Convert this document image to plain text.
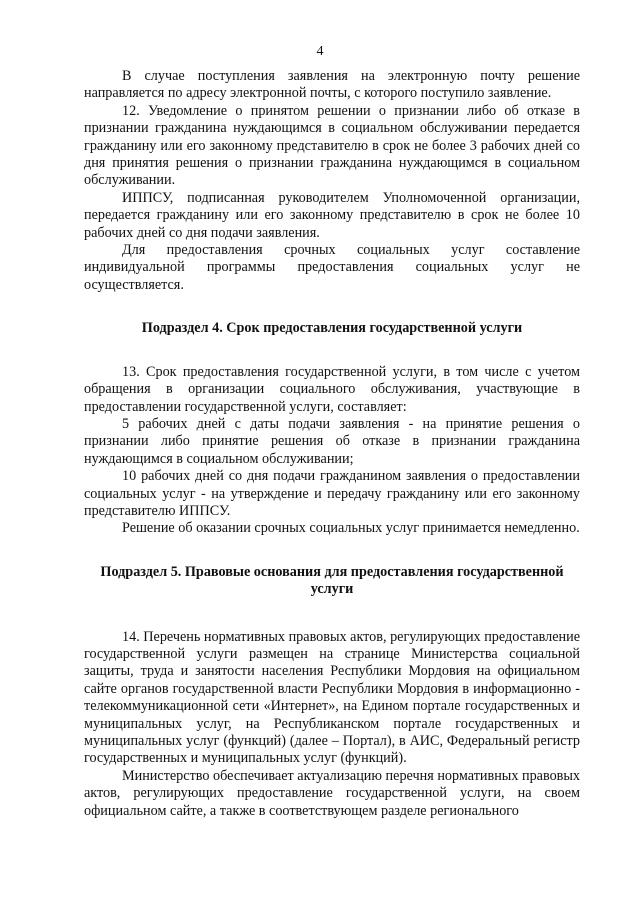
4

В случае поступления заявления на электронную почту решение направляется по адресу электронной почты, с которого поступило заявление.

12. Уведомление о принятом решении о признании либо об отказе в признании гражданина нуждающимся в социальном обслуживании передается гражданину или его законному представителю в срок не более 3 рабочих дней со дня принятия решения о признании гражданина нуждающимся в социальном обслуживании.

ИППСУ, подписанная руководителем Уполномоченной организации, передается гражданину или его законному представителю в срок не более 10 рабочих дней со дня подачи заявления.

Для предоставления срочных социальных услуг составление индивидуальной программы предоставления социальных услуг не осуществляется.

Подраздел 4. Срок предоставления государственной услуги

13. Срок предоставления государственной услуги, в том числе с учетом обращения в организации социального обслуживания, участвующие в предоставлении государственной услуги, составляет:

5 рабочих дней с даты подачи заявления - на принятие решения о признании либо принятие решения об отказе в признании гражданина нуждающимся в социальном обслуживании;

10 рабочих дней со дня подачи гражданином заявления о предоставлении социальных услуг - на утверждение и передачу гражданину или его законному представителю ИППСУ.

Решение об оказании срочных социальных услуг принимается немедленно.

Подраздел 5. Правовые основания для предоставления государственной услуги

14. Перечень нормативных правовых актов, регулирующих предоставление государственной услуги размещен на странице Министерства социальной защиты, труда и занятости населения Республики Мордовия на официальном сайте органов государственной власти Республики Мордовия в информационно - телекоммуникационной сети «Интернет», на Едином портале государственных и муниципальных услуг, на Республиканском портале государственных и муниципальных услуг (функций) (далее – Портал), в АИС, Федеральный регистр государственных и муниципальных услуг (функций).

Министерство обеспечивает актуализацию перечня нормативных правовых актов, регулирующих предоставление государственной услуги, на своем официальном сайте, а также в соответствующем разделе регионального
